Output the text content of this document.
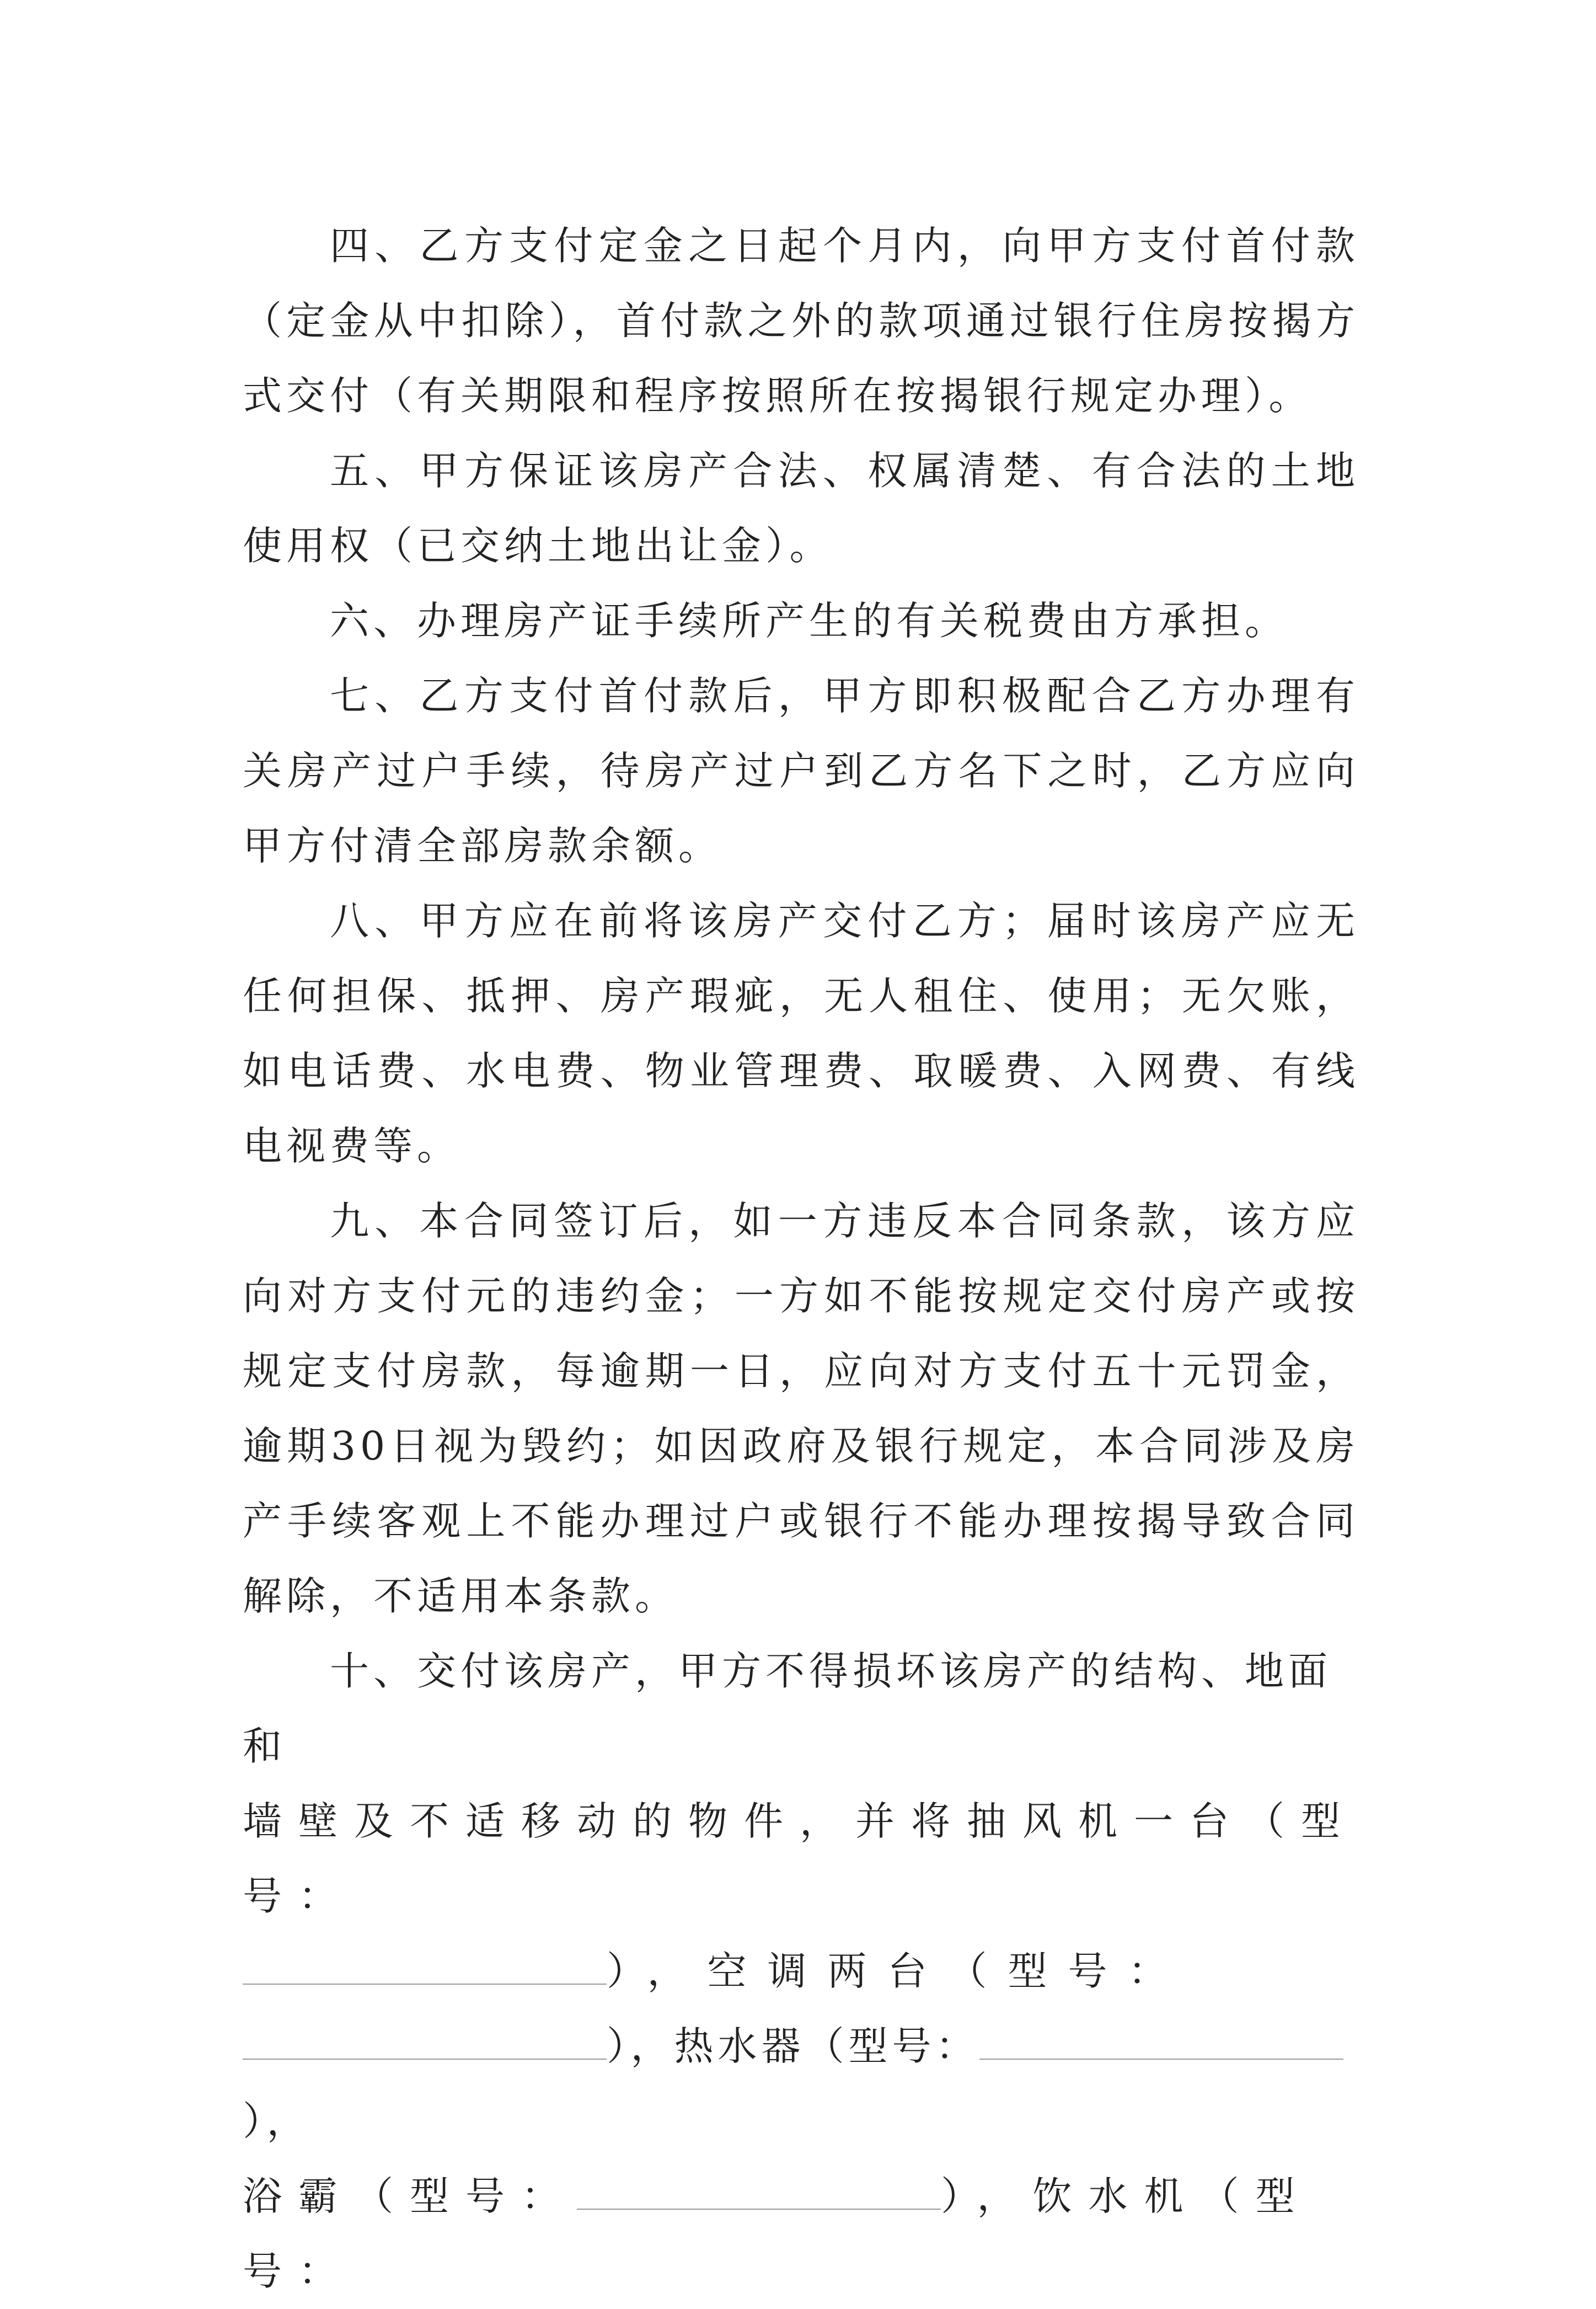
四、乙方支付定金之日起个月内，向甲方支付首付款（定金从中扣除），首付款之外的款项通过银行住房按揭方式交付（有关期限和程序按照所在按揭银行规定办理）。

五、甲方保证该房产合法、权属清楚、有合法的土地使用权（已交纳土地出让金）。

六、办理房产证手续所产生的有关税费由方承担。

七、乙方支付首付款后，甲方即积极配合乙方办理有关房产过户手续，待房产过户到乙方名下之时，乙方应向甲方付清全部房款余额。

八、甲方应在前将该房产交付乙方；届时该房产应无任何担保、抵押、房产瑕疵，无人租住、使用；无欠账，如电话费、水电费、物业管理费、取暖费、入网费、有线电视费等。

九、本合同签订后，如一方违反本合同条款，该方应向对方支付元的违约金；一方如不能按规定交付房产或按规定支付房款，每逾期一日，应向对方支付五十元罚金，逾期30日视为毁约；如因政府及银行规定，本合同涉及房产手续客观上不能办理过户或银行不能办理按揭导致合同解除，不适用本条款。

十、交付该房产，甲方不得损坏该房产的结构、地面和
墙壁及不适移动的物件，并将抽风机一台（型号：
），空调两台（型号：
），热水器（型号：），
浴霸（型号：	），饮水机（型号：
